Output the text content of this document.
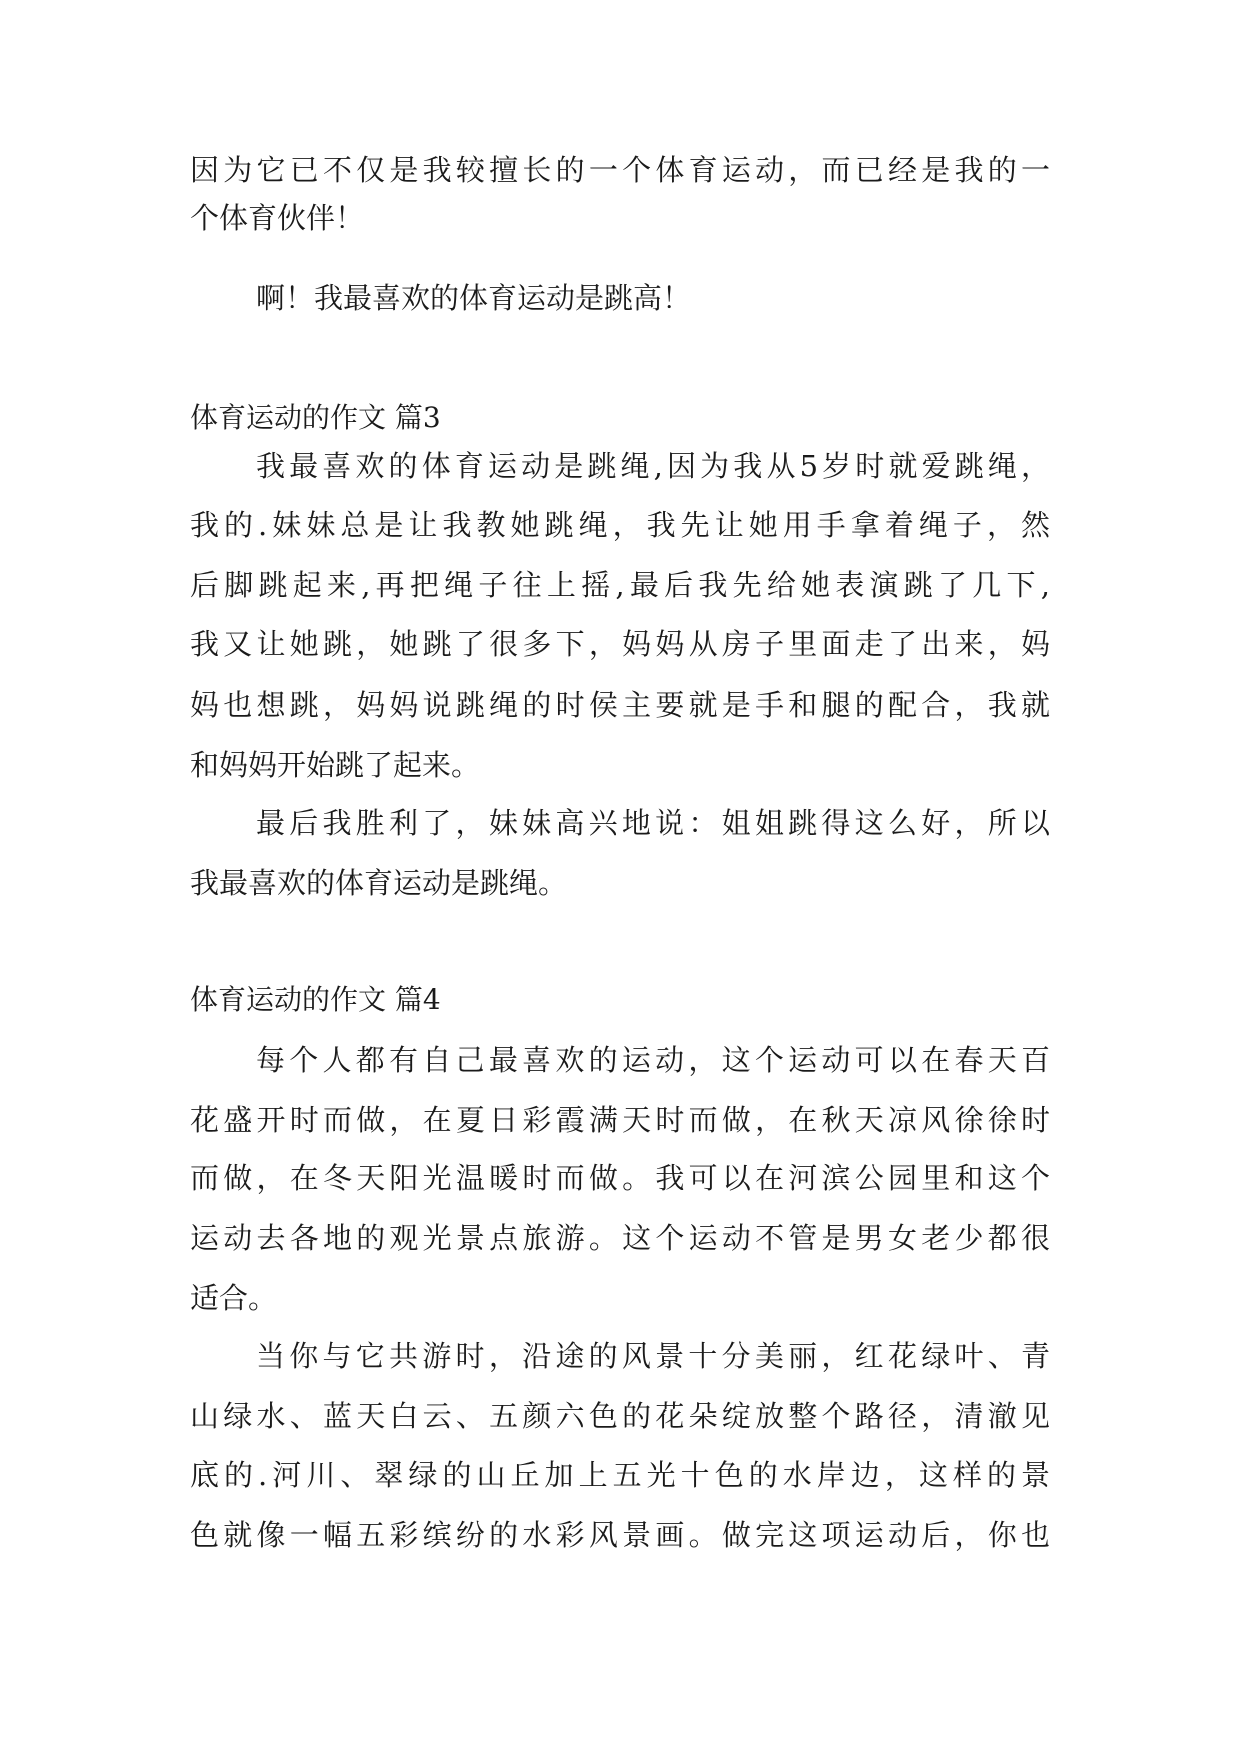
因为它已不仅是我较擅长的一个体育运动，而已经是我的一
个体育伙伴！
啊！我最喜欢的体育运动是跳高！
体育运动的作文 篇3
我最喜欢的体育运动是跳绳,因为我从5岁时就爱跳绳，
我的.妹妹总是让我教她跳绳，我先让她用手拿着绳子，然
后脚跳起来,再把绳子往上摇,最后我先给她表演跳了几下,
我又让她跳，她跳了很多下，妈妈从房子里面走了出来，妈
妈也想跳，妈妈说跳绳的时侯主要就是手和腿的配合，我就
和妈妈开始跳了起来。
最后我胜利了，妹妹高兴地说：姐姐跳得这么好，所以
我最喜欢的体育运动是跳绳。
体育运动的作文 篇4
每个人都有自己最喜欢的运动，这个运动可以在春天百
花盛开时而做，在夏日彩霞满天时而做，在秋天凉风徐徐时
而做，在冬天阳光温暖时而做。我可以在河滨公园里和这个
运动去各地的观光景点旅游。这个运动不管是男女老少都很
适合。
当你与它共游时，沿途的风景十分美丽，红花绿叶、青
山绿水、蓝天白云、五颜六色的花朵绽放整个路径，清澈见
底的.河川、翠绿的山丘加上五光十色的水岸边，这样的景
色就像一幅五彩缤纷的水彩风景画。做完这项运动后，你也
